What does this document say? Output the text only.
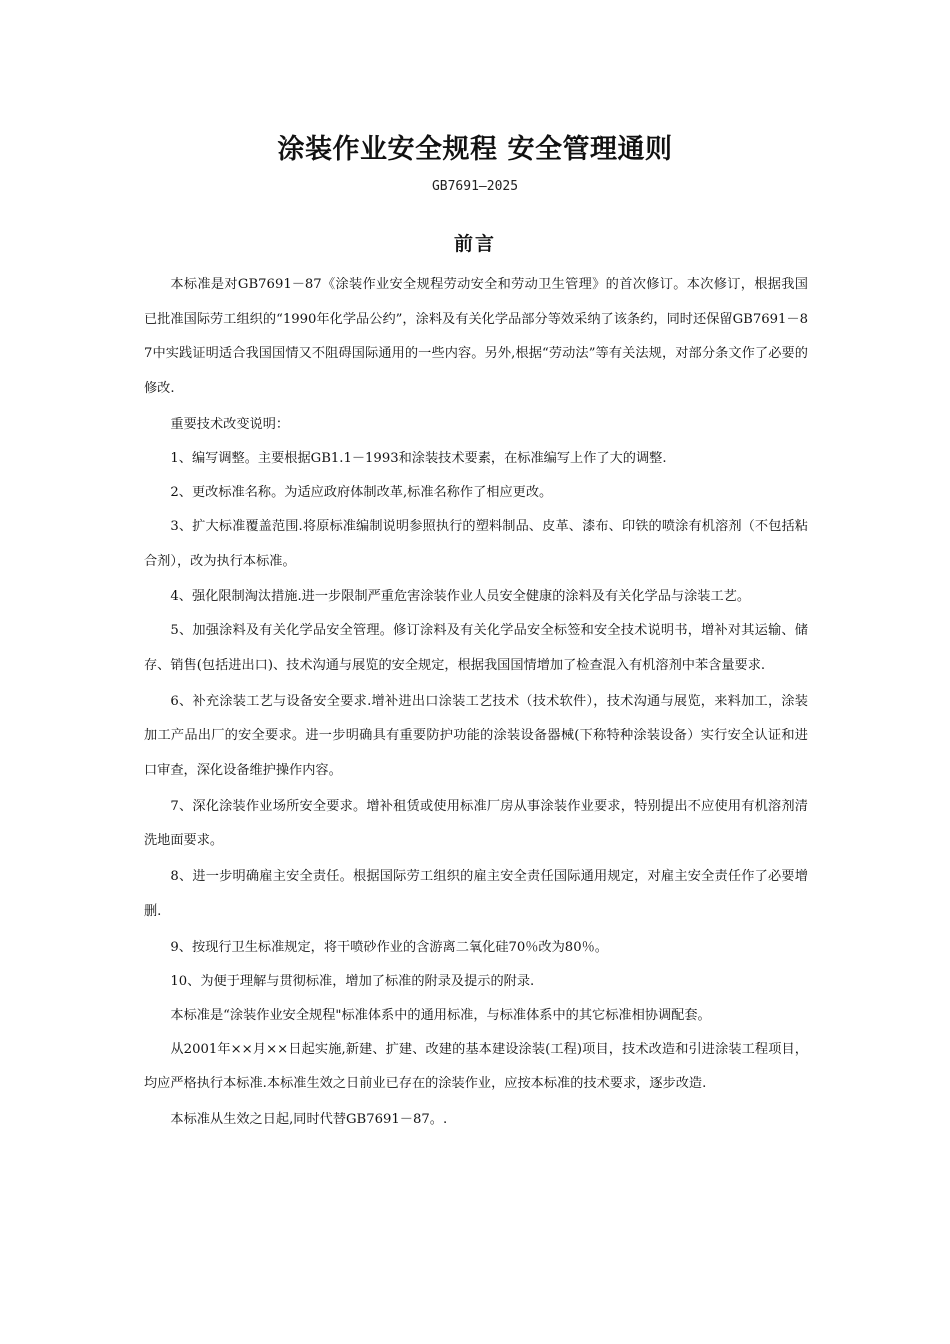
涂装作业安全规程 安全管理通则
GB7691—2025
前言

本标准是对GB7691－87《涂装作业安全规程劳动安全和劳动卫生管理》的首次修订。本次修订，根据我国已批准国际劳工组织的“1990年化学品公约”，涂料及有关化学品部分等效采纳了该条约，同时还保留GB7691－87中实践证明适合我国国情又不阻碍国际通用的一些内容。另外,根据“劳动法”等有关法规，对部分条文作了必要的修改.

重要技术改变说明：

1、编写调整。主要根据GB1.1－1993和涂装技术要素，在标准编写上作了大的调整.

2、更改标准名称。为适应政府体制改革,标准名称作了相应更改。

3、扩大标准覆盖范围.将原标准编制说明参照执行的塑料制品、皮革、漆布、印铁的喷涂有机溶剂（不包括粘合剂），改为执行本标准。

4、强化限制淘汰措施.进一步限制严重危害涂装作业人员安全健康的涂料及有关化学品与涂装工艺。

5、加强涂料及有关化学品安全管理。修订涂料及有关化学品安全标签和安全技术说明书，增补对其运输、储存、销售(包括进出口)、技术沟通与展览的安全规定，根据我国国情增加了检查混入有机溶剂中苯含量要求.

6、补充涂装工艺与设备安全要求.增补进出口涂装工艺技术（技术软件），技术沟通与展览，来料加工，涂装加工产品出厂的安全要求。进一步明确具有重要防护功能的涂装设备器械(下称特种涂装设备）实行安全认证和进口审查，深化设备维护操作内容。

7、深化涂装作业场所安全要求。增补租赁或使用标准厂房从事涂装作业要求，特别提出不应使用有机溶剂清洗地面要求。

8、进一步明确雇主安全责任。根据国际劳工组织的雇主安全责任国际通用规定，对雇主安全责任作了必要增删.

9、按现行卫生标准规定，将干喷砂作业的含游离二氧化硅70％改为80％。

10、为便于理解与贯彻标准，增加了标准的附录及提示的附录.

本标准是“涂装作业安全规程"标准体系中的通用标准，与标准体系中的其它标准相协调配套。

从2001年××月××日起实施,新建、扩建、改建的基本建设涂装(工程)项目，技术改造和引进涂装工程项目，均应严格执行本标准.本标准生效之日前业已存在的涂装作业，应按本标准的技术要求，逐步改造.

本标准从生效之日起,同时代替GB7691－87。.
